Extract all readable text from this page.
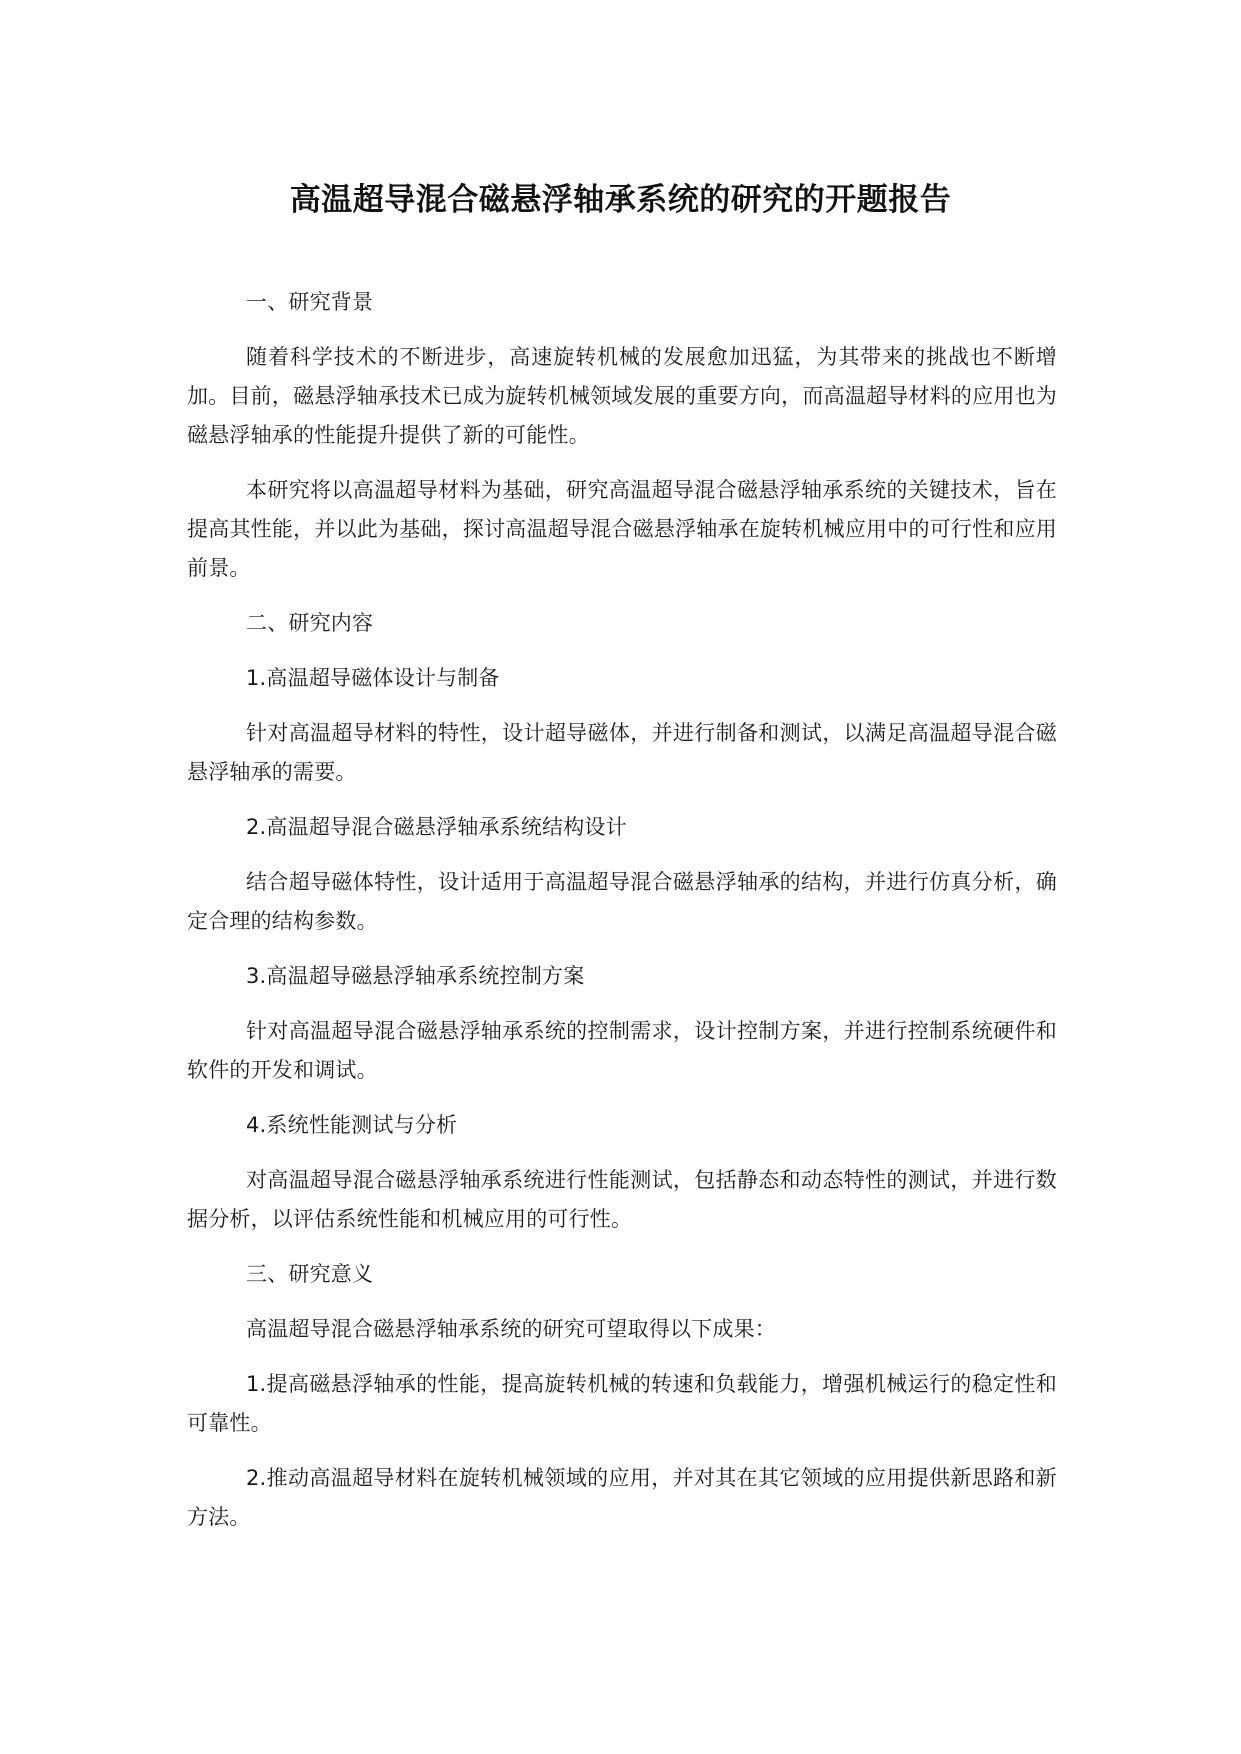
高温超导混合磁悬浮轴承系统的研究的开题报告

一、研究背景

随着科学技术的不断进步，高速旋转机械的发展愈加迅猛，为其带来的挑战也不断增加。目前，磁悬浮轴承技术已成为旋转机械领域发展的重要方向，而高温超导材料的应用也为磁悬浮轴承的性能提升提供了新的可能性。

本研究将以高温超导材料为基础，研究高温超导混合磁悬浮轴承系统的关键技术，旨在提高其性能，并以此为基础，探讨高温超导混合磁悬浮轴承在旋转机械应用中的可行性和应用前景。

二、研究内容

1.高温超导磁体设计与制备

针对高温超导材料的特性，设计超导磁体，并进行制备和测试，以满足高温超导混合磁悬浮轴承的需要。

2.高温超导混合磁悬浮轴承系统结构设计

结合超导磁体特性，设计适用于高温超导混合磁悬浮轴承的结构，并进行仿真分析，确定合理的结构参数。

3.高温超导磁悬浮轴承系统控制方案

针对高温超导混合磁悬浮轴承系统的控制需求，设计控制方案，并进行控制系统硬件和软件的开发和调试。

4.系统性能测试与分析

对高温超导混合磁悬浮轴承系统进行性能测试，包括静态和动态特性的测试，并进行数据分析，以评估系统性能和机械应用的可行性。

三、研究意义

高温超导混合磁悬浮轴承系统的研究可望取得以下成果：

1.提高磁悬浮轴承的性能，提高旋转机械的转速和负载能力，增强机械运行的稳定性和可靠性。

2.推动高温超导材料在旋转机械领域的应用，并对其在其它领域的应用提供新思路和新方法。
